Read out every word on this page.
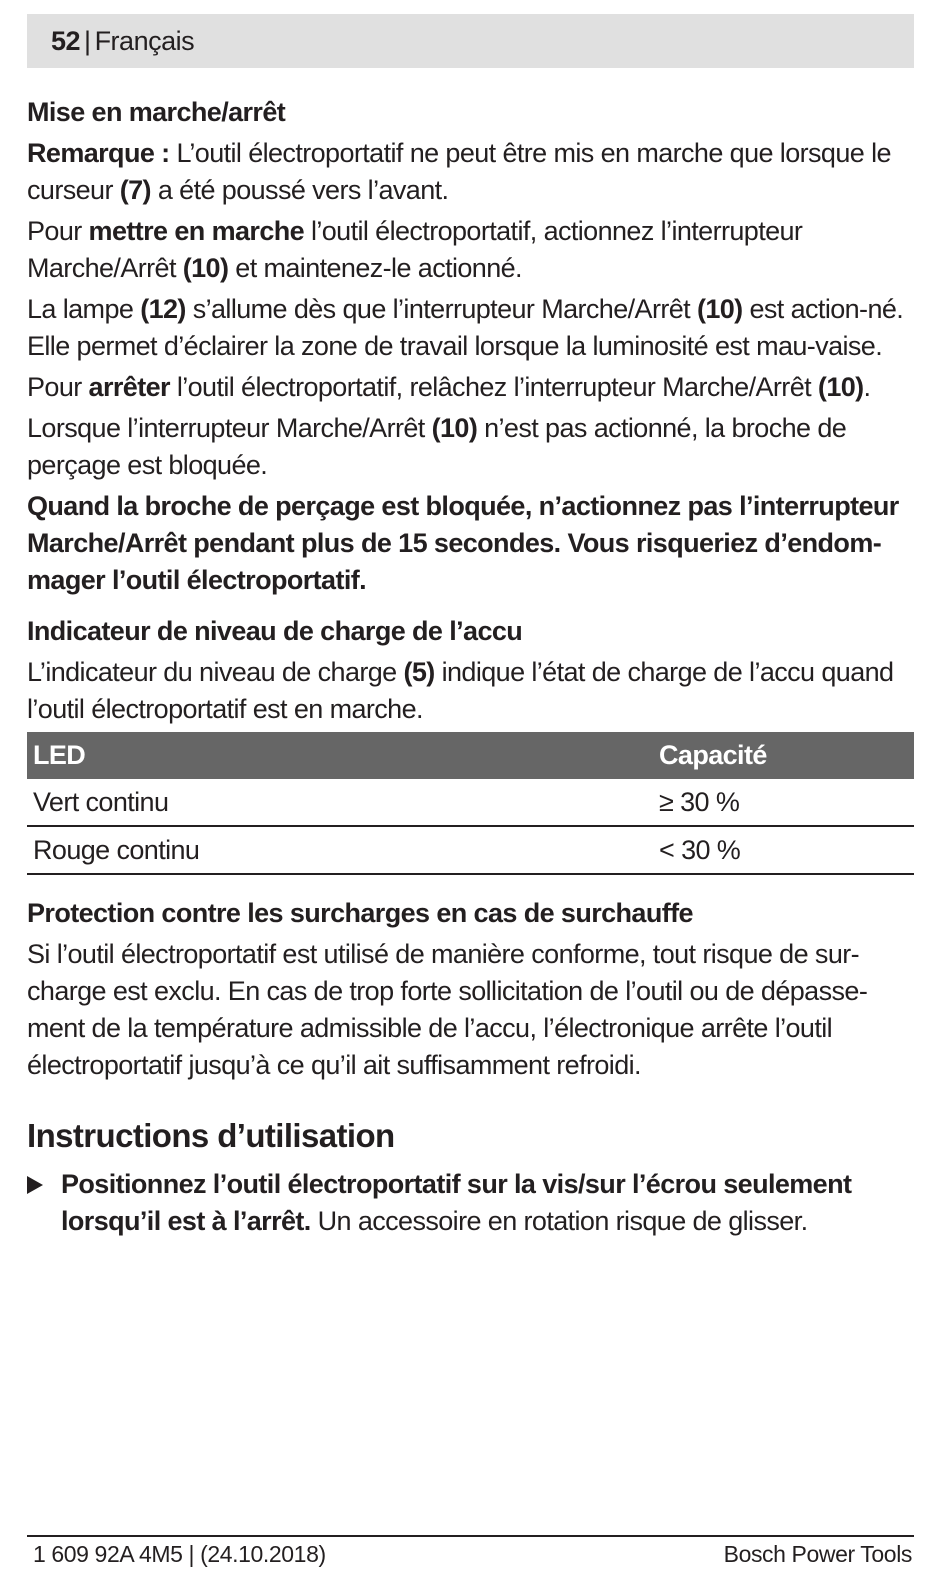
52 | Français
Mise en marche/arrêt

Remarque : L’outil électroportatif ne peut être mis en marche que lorsque le curseur (7) a été poussé vers l’avant.

Pour mettre en marche l’outil électroportatif, actionnez l’interrupteur Marche/Arrêt (10) et maintenez-le actionné.

La lampe (12) s’allume dès que l’interrupteur Marche/Arrêt (10) est action-né. Elle permet d’éclairer la zone de travail lorsque la luminosité est mau-vaise.

Pour arrêter l’outil électroportatif, relâchez l’interrupteur Marche/Arrêt (10).

Lorsque l’interrupteur Marche/Arrêt (10) n’est pas actionné, la broche de perçage est bloquée.

Quand la broche de perçage est bloquée, n’actionnez pas l’interrupteur Marche/Arrêt pendant plus de 15 secondes. Vous risqueriez d’endom-mager l’outil électroportatif.

Indicateur de niveau de charge de l’accu

L’indicateur du niveau de charge (5) indique l’état de charge de l’accu quand l’outil électroportatif est en marche.

LED	Capacité
Vert continu	≥ 30 %
Rouge continu	< 30 %
Protection contre les surcharges en cas de surchauffe

Si l’outil électroportatif est utilisé de manière conforme, tout risque de sur-charge est exclu. En cas de trop forte sollicitation de l’outil ou de dépasse-ment de la température admissible de l’accu, l’électronique arrête l’outil électroportatif jusqu’à ce qu’il ait suffisamment refroidi.

Instructions d’utilisation

Positionnez l’outil électroportatif sur la vis/sur l’écrou seulement lorsqu’il est à l’arrêt. Un accessoire en rotation risque de glisser.

1 609 92A 4M5 | (24.10.2018)	Bosch Power Tools
